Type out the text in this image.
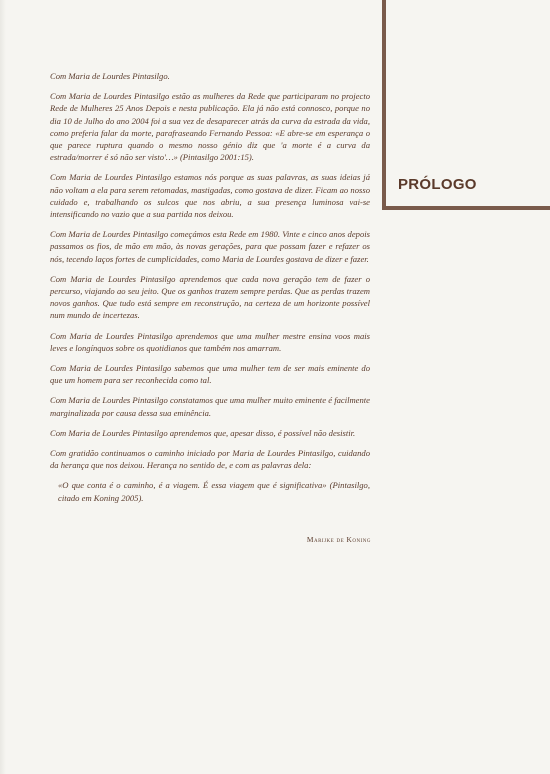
PRÓLOGO

Com Maria de Lourdes Pintasilgo.

Com Maria de Lourdes Pintasilgo estão as mulheres da Rede que participaram no projecto Rede de Mulheres 25 Anos Depois e nesta publicação. Ela já não está connosco, porque no dia 10 de Julho do ano 2004 foi a sua vez de desaparecer atrás da curva da estrada da vida, como preferia falar da morte, parafraseando Fernando Pessoa: «E abre-se em esperança o que parece ruptura quando o mesmo nosso génio diz que 'a morte é a curva da estrada/morrer é só não ser visto'…» (Pintasilgo 2001:15).

Com Maria de Lourdes Pintasilgo estamos nós porque as suas palavras, as suas ideias já não voltam a ela para serem retomadas, mastigadas, como gostava de dizer. Ficam ao nosso cuidado e, trabalhando os sulcos que nos abriu, a sua presença luminosa vai-se intensificando no vazio que a sua partida nos deixou.

Com Maria de Lourdes Pintasilgo começámos esta Rede em 1980. Vinte e cinco anos depois passamos os fios, de mão em mão, às novas gerações, para que possam fazer e refazer os nós, tecendo laços fortes de cumplicidades, como Maria de Lourdes gostava de dizer e fazer.

Com Maria de Lourdes Pintasilgo aprendemos que cada nova geração tem de fazer o percurso, viajando ao seu jeito. Que os ganhos trazem sempre perdas. Que as perdas trazem novos ganhos. Que tudo está sempre em reconstrução, na certeza de um horizonte possível num mundo de incertezas.

Com Maria de Lourdes Pintasilgo aprendemos que uma mulher mestre ensina voos mais leves e longínquos sobre os quotidianos que também nos amarram.

Com Maria de Lourdes Pintasilgo sabemos que uma mulher tem de ser mais eminente do que um homem para ser reconhecida como tal.

Com Maria de Lourdes Pintasilgo constatamos que uma mulher muito eminente é facilmente marginalizada por causa dessa sua eminência.

Com Maria de Lourdes Pintasilgo aprendemos que, apesar disso, é possível não desistir.

Com gratidão continuamos o caminho iniciado por Maria de Lourdes Pintasilgo, cuidando da herança que nos deixou. Herança no sentido de, e com as palavras dela:

«O que conta é o caminho, é a viagem. É essa viagem que é significativa» (Pintasilgo, citado em Koning 2005).

Marijke de Koning
